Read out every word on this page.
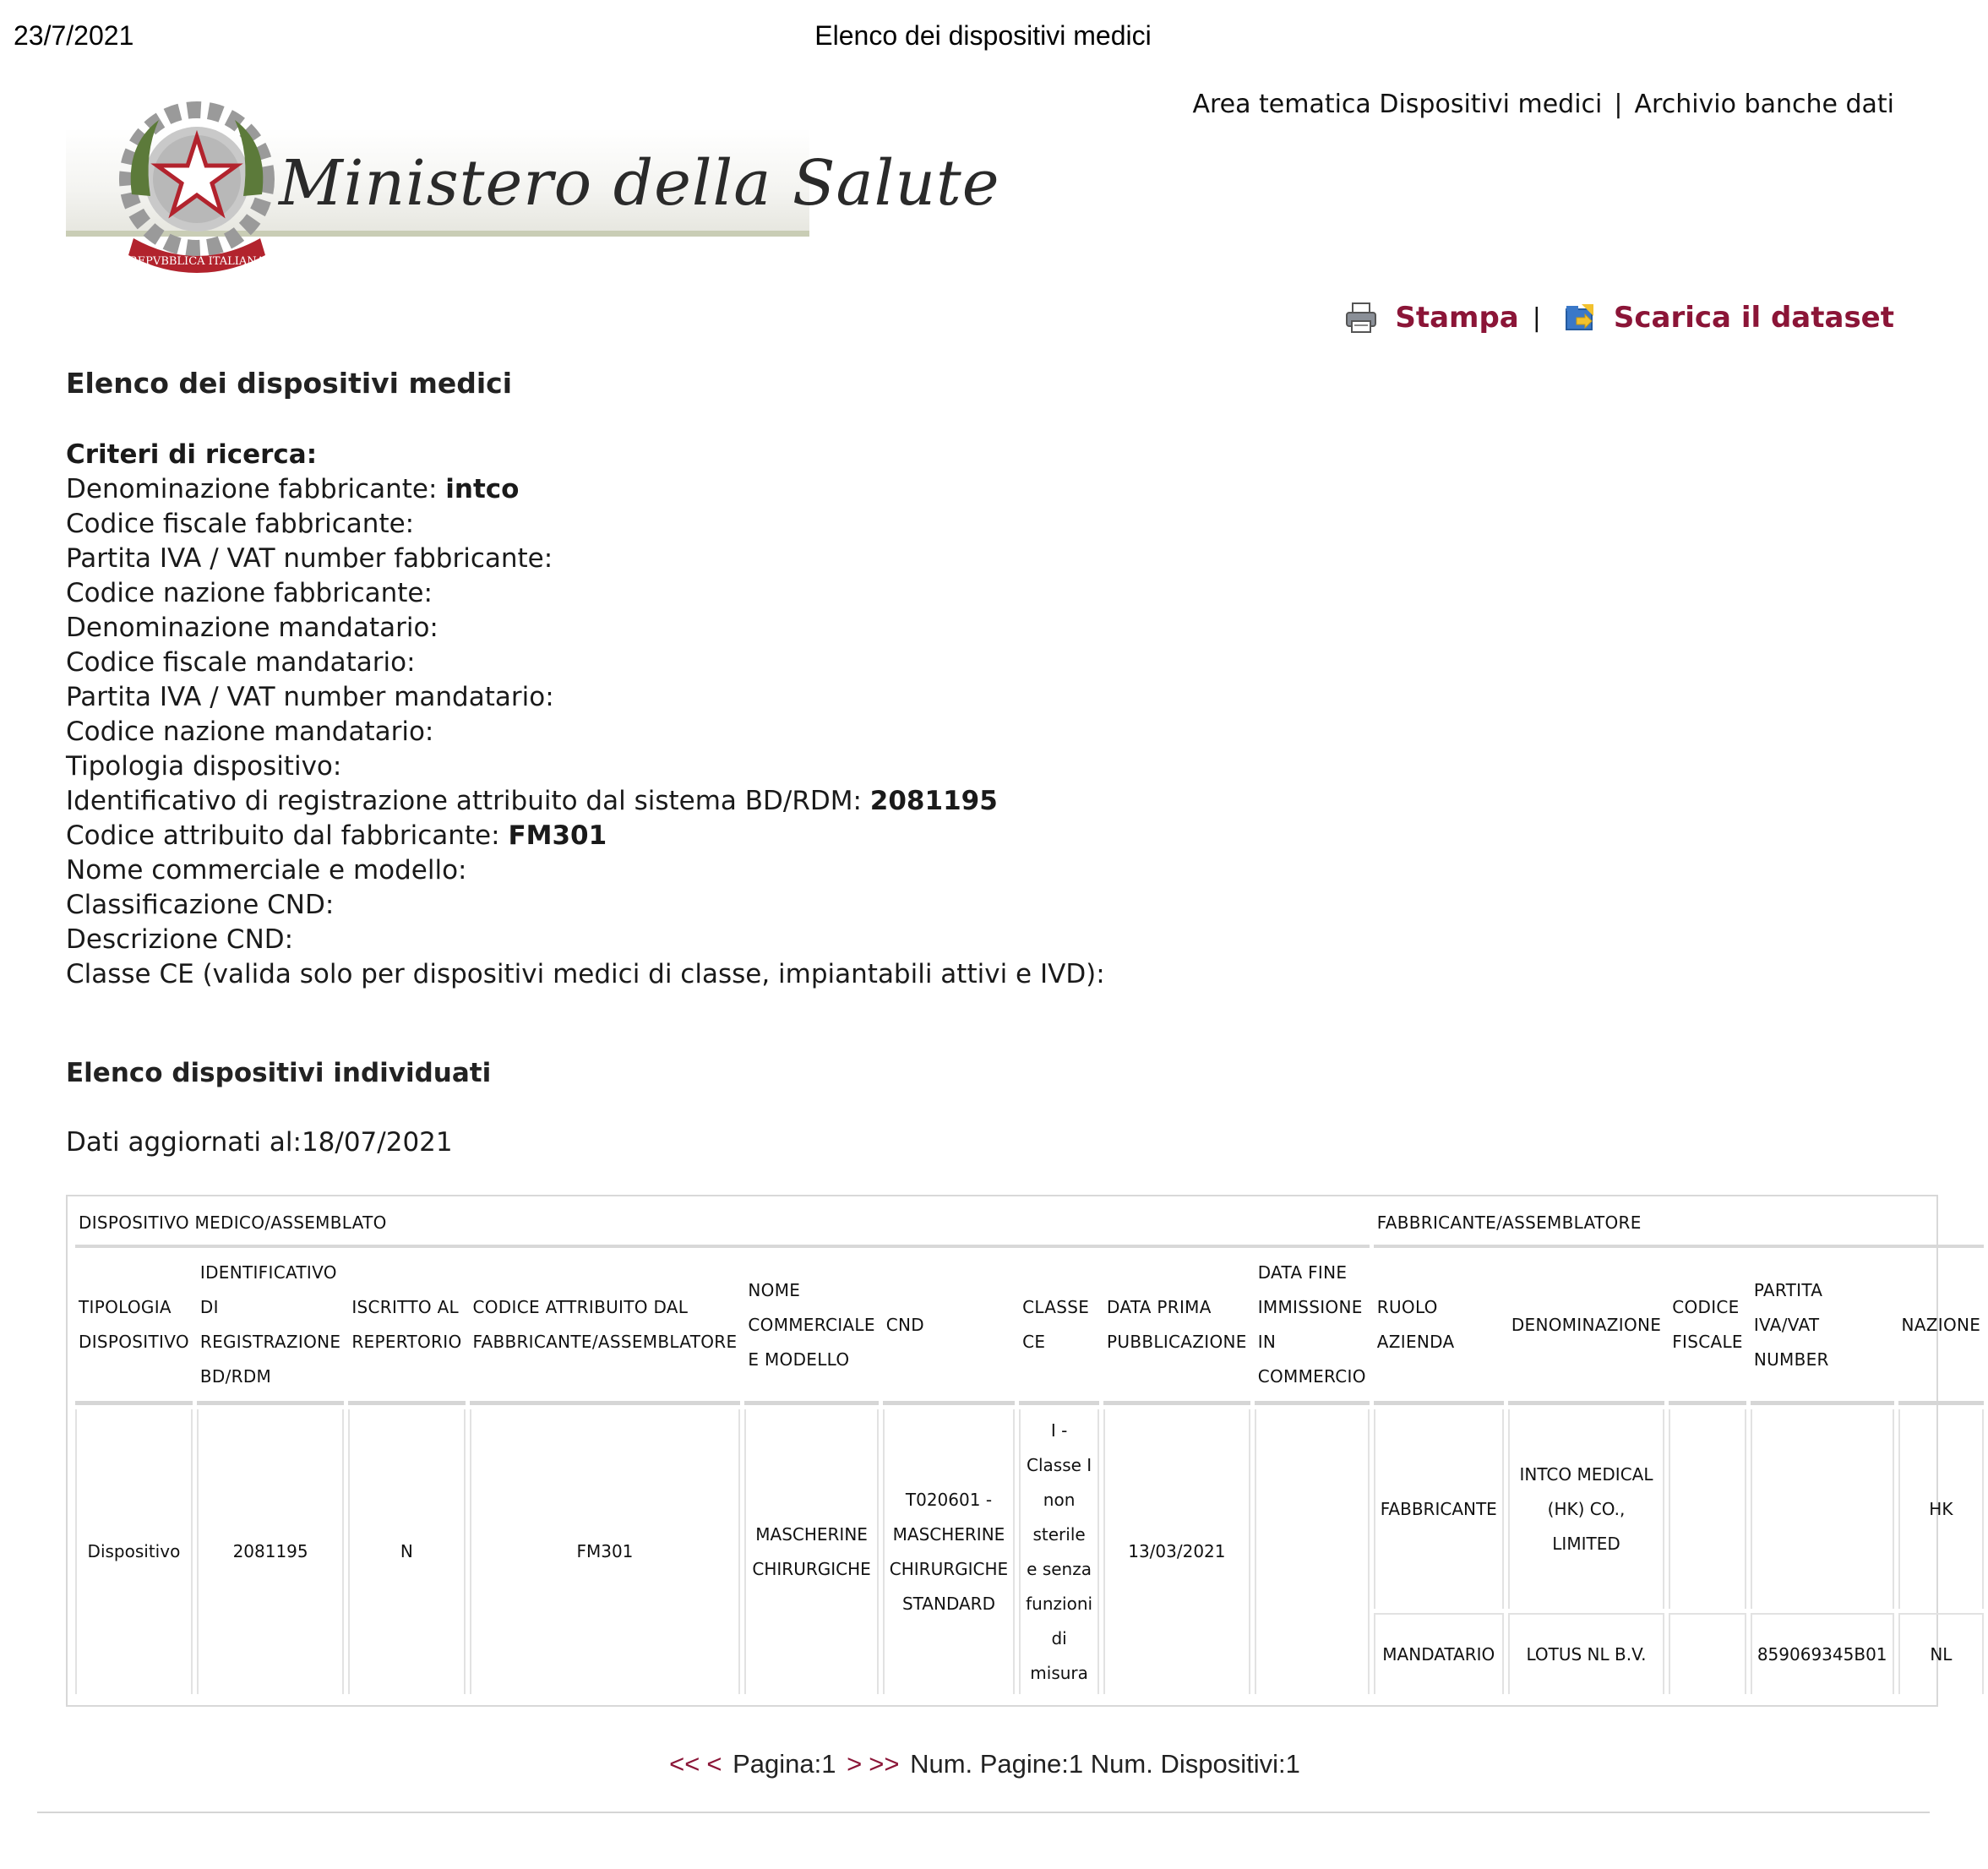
23/7/2021	Elenco dei dispositivi medici
Area tematica Dispositivi medici | Archivio banche dati
REPVBBLICA ITALIANA
Ministero della Salute
Stampa |	Scarica il dataset
Elenco dei dispositivi medici
Criteri di ricerca:
Denominazione fabbricante: intco
Codice fiscale fabbricante:
Partita IVA / VAT number fabbricante:
Codice nazione fabbricante:
Denominazione mandatario:
Codice fiscale mandatario:
Partita IVA / VAT number mandatario:
Codice nazione mandatario:
Tipologia dispositivo:
Identificativo di registrazione attribuito dal sistema BD/RDM: 2081195
Codice attribuito dal fabbricante: FM301
Nome commerciale e modello:
Classificazione CND:
Descrizione CND:
Classe CE (valida solo per dispositivi medici di classe, impiantabili attivi e IVD):
Elenco dispositivi individuati
Dati aggiornati al:18/07/2021
DISPOSITIVO MEDICO/ASSEMBLATO									FABBRICANTE/ASSEMBLATORE				
TIPOLOGIA DISPOSITIVO	IDENTIFICATIVO DI REGISTRAZIONE BD/RDM	ISCRITTO AL REPERTORIO	CODICE ATTRIBUITO DAL FABBRICANTE/ASSEMBLATORE	NOME COMMERCIALE E MODELLO	CND	CLASSE CE	DATA PRIMA PUBBLICAZIONE	DATA FINE IMMISSIONE IN COMMERCIO	RUOLO AZIENDA	DENOMINAZIONE	CODICE FISCALE	PARTITA IVA/VAT NUMBER	NAZIONE
Dispositivo	2081195	N	FM301	MASCHERINE CHIRURGICHE	T020601 - MASCHERINE CHIRURGICHE STANDARD	I - Classe I non sterile e senza funzioni di misura	13/03/2021		FABBRICANTE	INTCO MEDICAL (HK) CO., LIMITED			HK
									MANDATARIO	LOTUS NL B.V.		859069345B01	NL
<< < Pagina:1 > >> Num. Pagine:1 Num. Dispositivi:1
